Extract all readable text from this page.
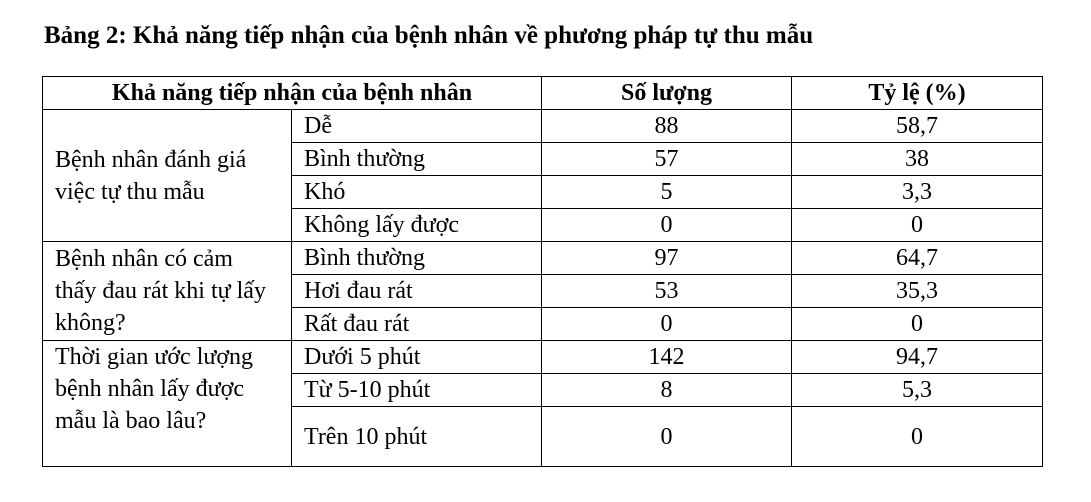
Bảng 2: Khả năng tiếp nhận của bệnh nhân về phương pháp tự thu mẫu
Khả năng tiếp nhận của bệnh nhân		Số lượng	Tỷ lệ (%)
Bệnh nhân đánh giá việc tự thu mẫu	Dễ	88	58,7
	Bình thường	57	38
	Khó	5	3,3
	Không lấy được	0	0
Bệnh nhân có cảm thấy đau rát khi tự lấy không?	Bình thường	97	64,7
	Hơi đau rát	53	35,3
	Rất đau rát	0	0
Thời gian ước lượng bệnh nhân lấy được mẫu là bao lâu?	Dưới 5 phút	142	94,7
	Từ 5-10 phút	8	5,3
	Trên 10 phút	0	0
